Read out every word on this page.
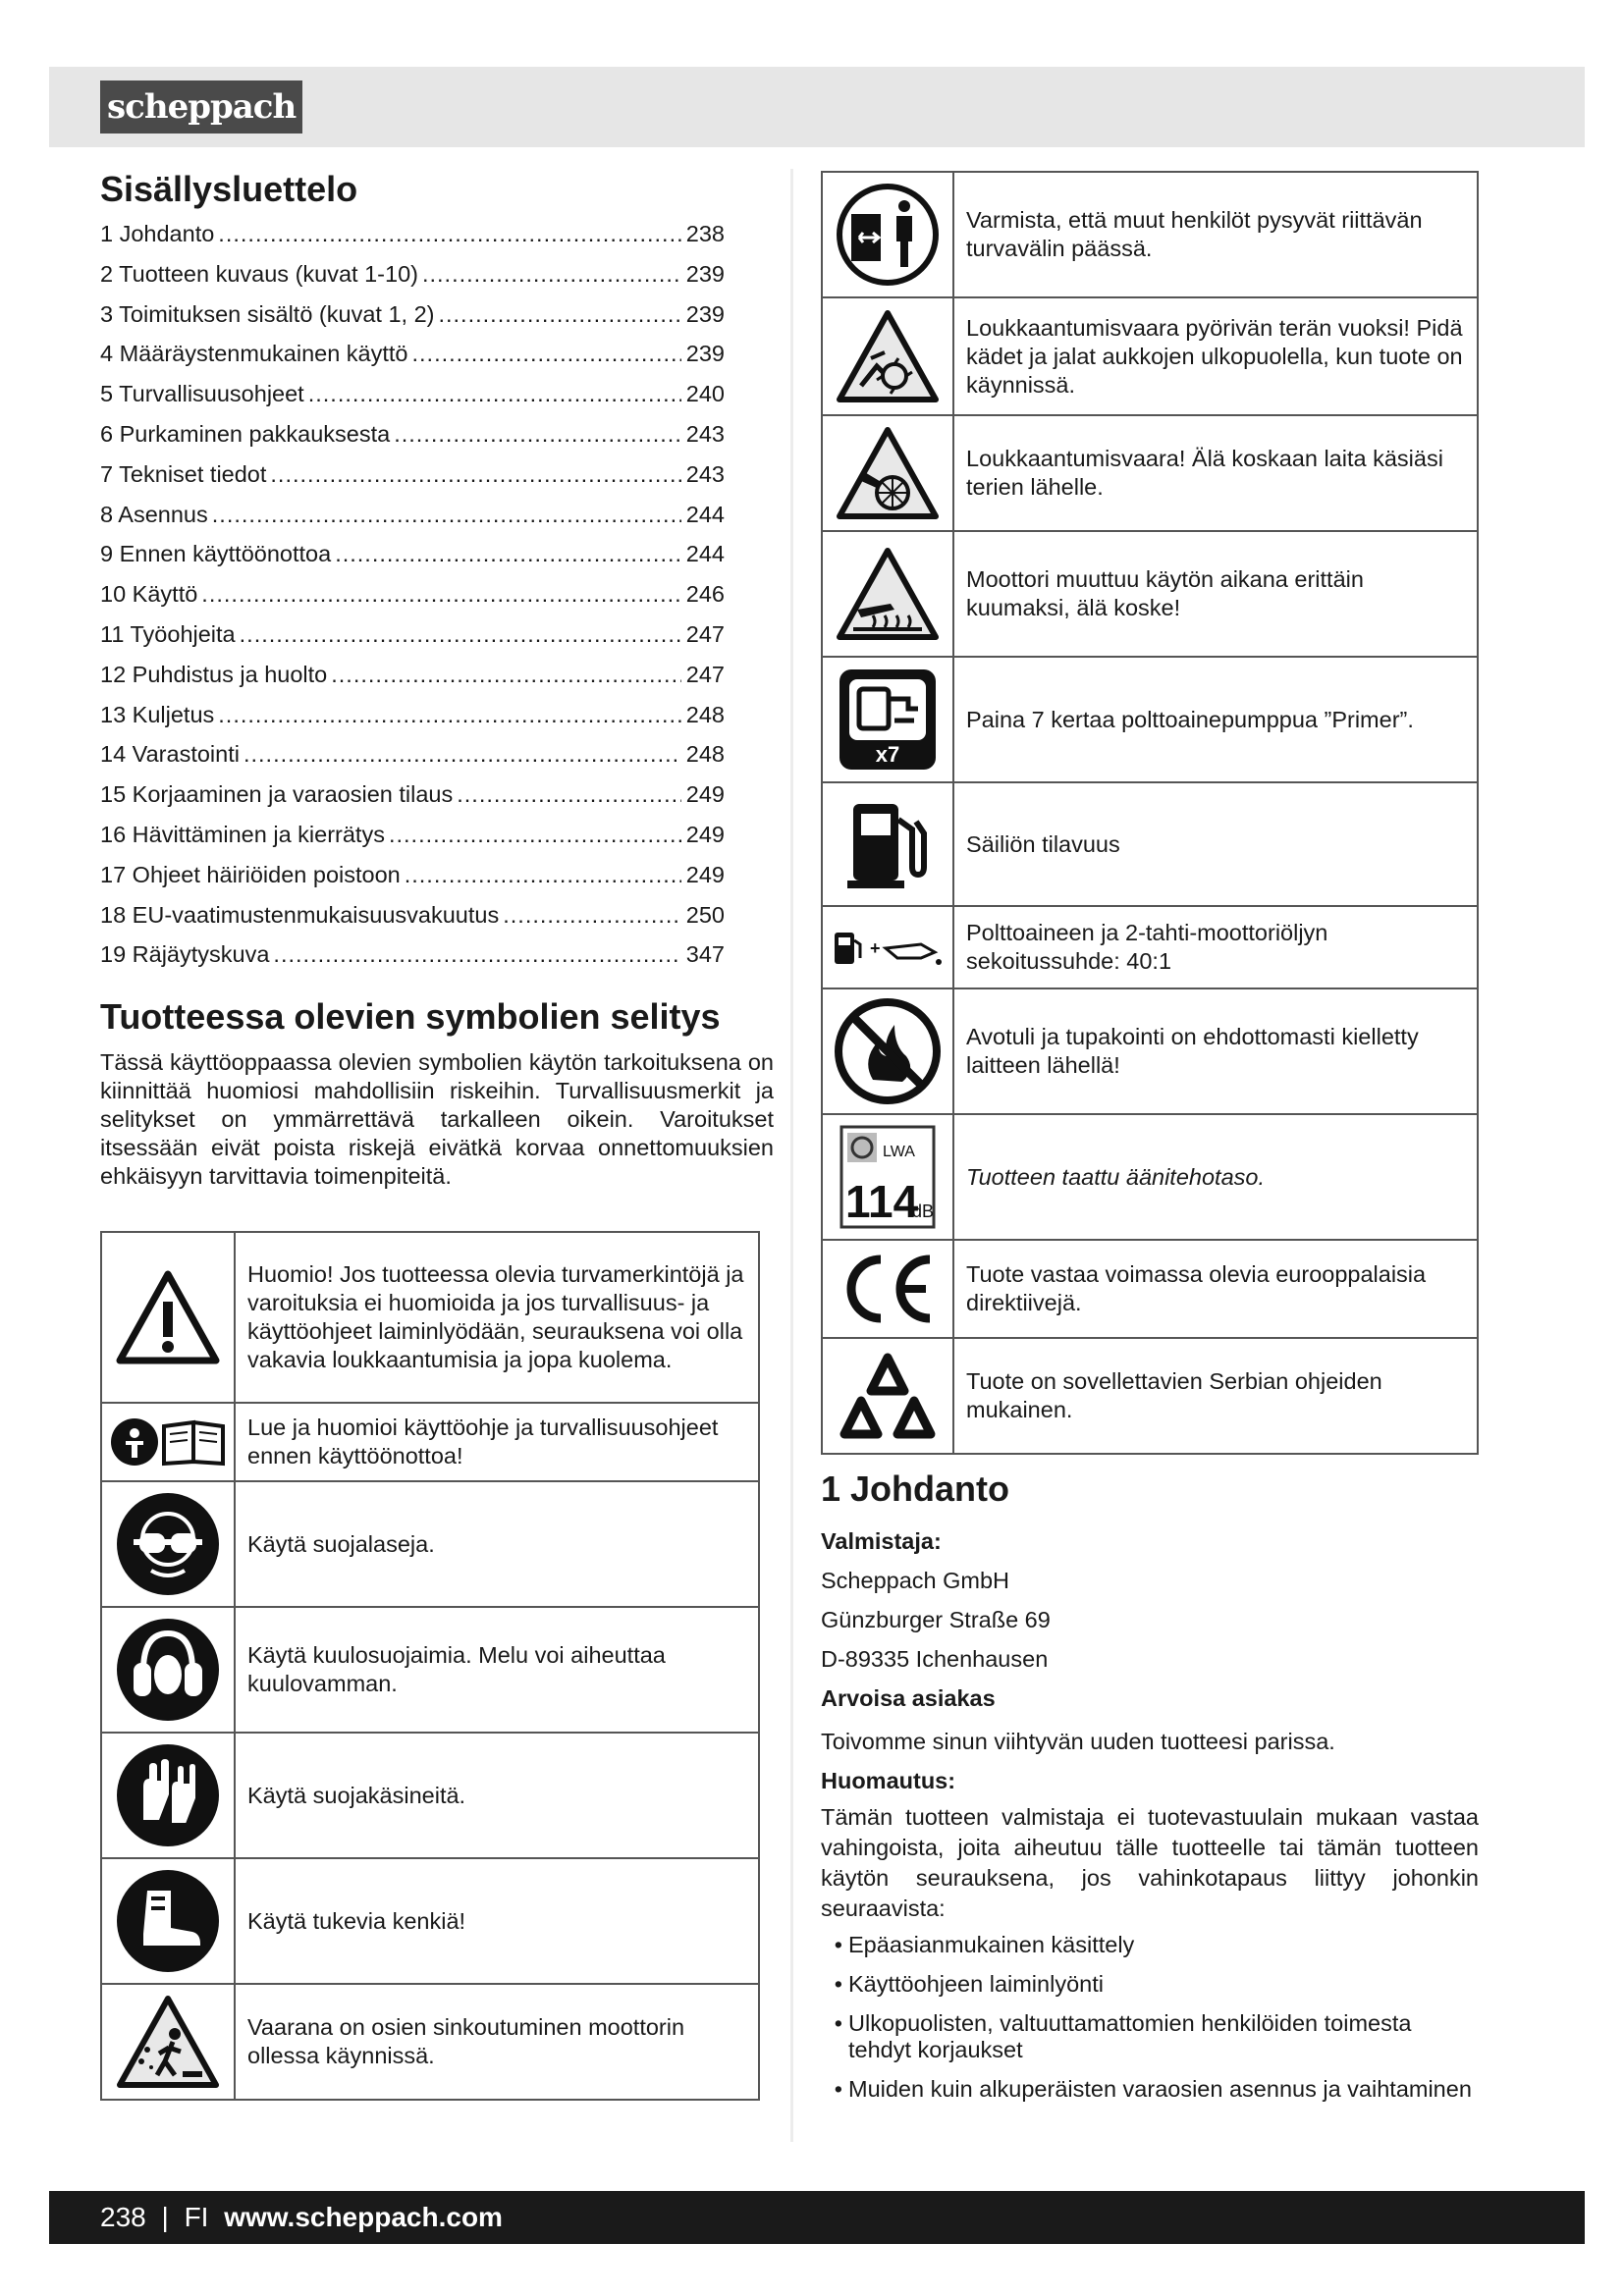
scheppach
Sisällysluettelo
1 Johdanto .....	238
2 Tuotteen kuvaus (kuvat 1-10) .....	239
3 Toimituksen sisältö (kuvat 1, 2) .....	239
4 Määräystenmukainen käyttö .....	239
5 Turvallisuusohjeet .....	240
6 Purkaminen pakkauksesta .....	243
7 Tekniset tiedot .....	243
8 Asennus .....	244
9 Ennen käyttöönottoa .....	244
10 Käyttö .....	246
11 Työohjeita .....	247
12 Puhdistus ja huolto .....	247
13 Kuljetus .....	248
14 Varastointi .....	248
15 Korjaaminen ja varaosien tilaus .....	249
16 Hävittäminen ja kierrätys .....	249
17 Ohjeet häiriöiden poistoon .....	249
18 EU-vaatimustenmukaisuusvakuutus .....	250
19 Räjäytyskuva .....	347
Tuotteessa olevien symbolien selitys

Tässä käyttöoppaassa olevien symbolien käytön tarkoituksena on kiinnittää huomiosi mahdollisiin riskeihin. Turvallisuusmerkit ja selitykset on ymmärrettävä tarkalleen oikein. Varoitukset itsessään eivät poista riskejä eivätkä korvaa onnettomuuksien ehkäisyyn tarvittavia toimenpiteitä.

	Huomio! Jos tuotteessa olevia turvamerkintöjä ja varoituksia ei huomioida ja jos turvallisuus- ja käyttöohjeet laiminlyödään, seurauksena voi olla vakavia loukkaantumisia ja jopa kuolema.

	Lue ja huomioi käyttöohje ja turvallisuusohjeet ennen käyttöönottoa!

	Käytä suojalaseja.

	Käytä kuulosuojaimia. Melu voi aiheuttaa kuulovamman.

	Käytä suojakäsineitä.

	Käytä tukevia kenkiä!

	Vaarana on osien sinkoutuminen moottorin ollessa käynnissä.
	Varmista, että muut henkilöt pysyvät riittävän turvavälin päässä.

	Loukkaantumisvaara pyörivän terän vuoksi! Pidä kädet ja jalat aukkojen ulkopuolella, kun tuote on käynnissä.

	Loukkaantumisvaara! Älä koskaan laita käsiäsi terien lähelle.

	Moottori muuttuu käytön aikana erittäin kuumaksi, älä koske!

x7	Paina 7 kertaa polttoainepumppua ”Primer”.

	Säiliön tilavuus

+	Polttoaineen ja 2-tahti-moottoriöljyn sekoitussuhde: 40:1

	Avotuli ja tupakointi on ehdottomasti kielletty laitteen lähellä!

LWA
114
dB	Tuotteen taattu äänitehotaso.

	Tuote vastaa voimassa olevia eurooppalaisia direktiivejä.

	Tuote on sovellettavien Serbian ohjeiden mukainen.
1 Johdanto
Valmistaja:
Scheppach GmbH
Günzburger Straße 69
D-89335 Ichenhausen
Arvoisa asiakas
Toivomme sinun viihtyvän uuden tuotteesi parissa.
Huomautus:
Tämän tuotteen valmistaja ei tuotevastuulain mukaan vastaa vahingoista, joita aiheutuu tälle tuotteelle tai tämän tuotteen käytön seurauksena, jos vahinkotapaus liittyy johonkin seuraavista:
• Epäasianmukainen käsittely
• Käyttöohjeen laiminlyönti
• Ulkopuolisten, valtuuttamattomien henkilöiden toimesta tehdyt korjaukset
• Muiden kuin alkuperäisten varaosien asennus ja vaihtaminen
238 | FI www.scheppach.com
